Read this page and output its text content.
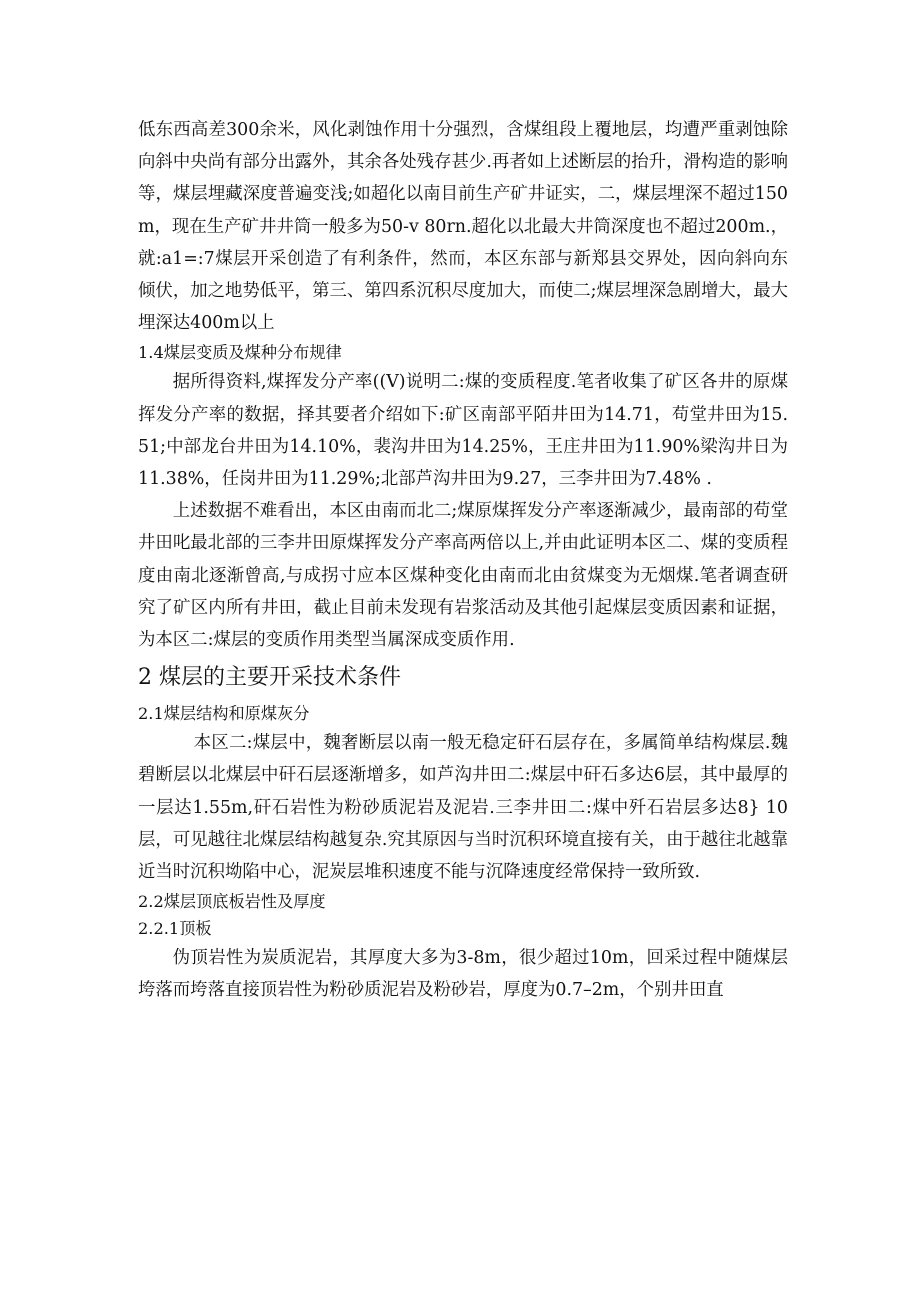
低东西高差300余米，风化剥蚀作用十分强烈，含煤组段上覆地层，均遭严重剥蚀除向斜中央尚有部分出露外，其余各处残存甚少.再者如上述断层的抬升，滑构造的影响等，煤层埋藏深度普遍变浅;如超化以南目前生产矿井证实，二，煤层埋深不超过150m，现在生产矿井井筒一般多为50-v 80rn.超化以北最大井筒深度也不超过200m.，就:a1=:7煤层开采创造了有利条件，然而，本区东部与新郑县交界处，因向斜向东倾伏，加之地势低平，第三、第四系沉积尽度加大，而使二;煤层埋深急剧增大，最大埋深达400m以上

1.4煤层变质及煤种分布规律

据所得资料,煤挥发分产率((V)说明二:煤的变质程度.笔者收集了矿区各井的原煤挥发分产率的数据，择其要者介绍如下:矿区南部平陌井田为14.71，苟堂井田为15.51;中部龙台井田为14.10%，裴沟井田为14.25%，王庄井田为11.90%梁沟井日为11.38%，任岗井田为11.29%;北部芦沟井田为9.27，三李井田为7.48% .

上述数据不难看出，本区由南而北二;煤原煤挥发分产率逐渐减少，最南部的苟堂井田叱最北部的三李井田原煤挥发分产率高两倍以上,并由此证明本区二、煤的变质程度由南北逐渐曾高,与成拐寸应本区煤种变化由南而北由贫煤变为无烟煤.笔者调查研究了矿区内所有井田，截止目前未发现有岩浆活动及其他引起煤层变质因素和证据，为本区二:煤层的变质作用类型当属深成变质作用.

2 煤层的主要开采技术条件

2.1煤层结构和原煤灰分

本区二:煤层中，魏奢断层以南一般无稳定矸石层存在，多属简单结构煤层.魏碧断层以北煤层中矸石层逐渐增多，如芦沟井田二:煤层中矸石多达6层，其中最厚的一层达1.55m,矸石岩性为粉砂质泥岩及泥岩.三李井田二:煤中歼石岩层多达8} 10层，可见越往北煤层结构越复杂.究其原因与当时沉积环境直接有关，由于越往北越靠近当时沉积坳陷中心，泥炭层堆积速度不能与沉降速度经常保持一致所致.

2.2煤层顶底板岩性及厚度

2.2.1顶板

伪顶岩性为炭质泥岩，其厚度大多为3-8m，很少超过10m，回采过程中随煤层垮落而垮落直接顶岩性为粉砂质泥岩及粉砂岩，厚度为0.7–2m，个别井田直
